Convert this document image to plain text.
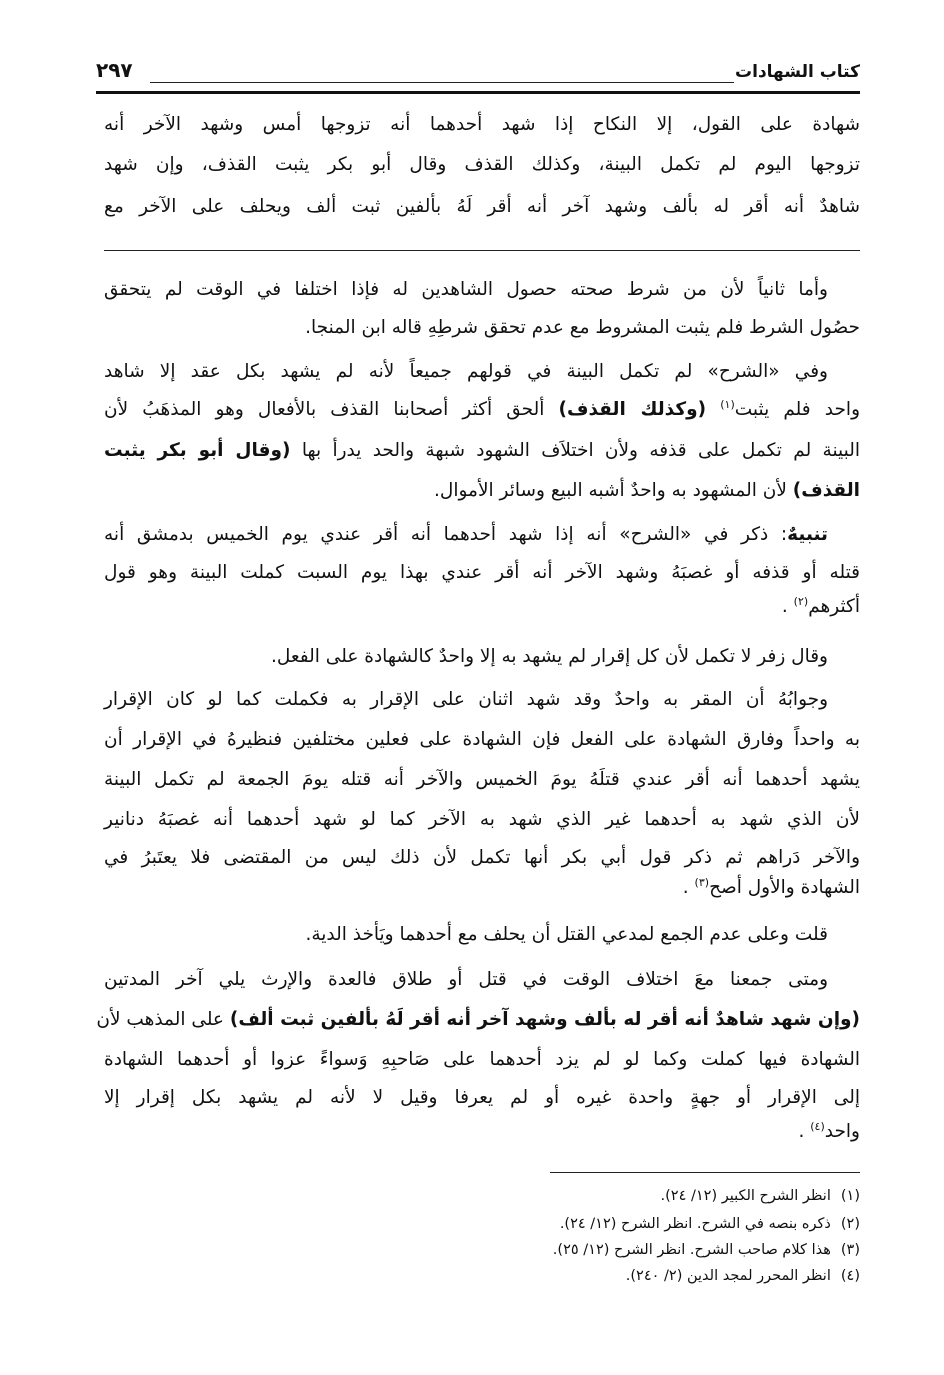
كتاب الشهادات
٢٩٧
شهادة على القول، إلا النكاح إذا شهد أحدهما أنه تزوجها أمس وشهد الآخر أنه
تزوجها اليوم لم تكمل البينة، وكذلك القذف وقال أبو بكر يثبت القذف، وإن شهد
شاهدٌ أنه أقر له بألف وشهد آخر أنه أقر لَهُ بألفين ثبت ألف ويحلف على الآخر مع
وأما ثانياً لأن من شرط صحته حصول الشاهدين له فإذا اختلفا في الوقت لم يتحقق
حصُول الشرط فلم يثبت المشروط مع عدم تحقق شرطِهِ قاله ابن المنجا.
وفي «الشرح» لم تكمل البينة في قولهم جميعاً لأنه لم يشهد بكل عقد إلا شاهد
واحد فلم يثبت$^{(١)}$ (وكذلك القذف) ألحق أكثر أصحابنا القذف بالأفعال وهو المذهَبُ لأن
البينة لم تكمل على قذفه ولأن اختلاَف الشهود شبهة والحد يدرأ بها (وقال أبو بكر يثبت
القذف) لأن المشهود به واحدٌ أشبه البيع وسائر الأموال.
تنبيهٌ: ذكر في «الشرح» أنه إذا شهد أحدهما أنه أقر عندي يوم الخميس بدمشق أنه
قتله أو قذفه أو غصبَهُ وشهد الآخر أنه أقر عندي بهذا يوم السبت كملت البينة وهو قول
أكثرهم$^{(٢)}$ .
وقال زفر لا تكمل لأن كل إقرار لم يشهد به إلا واحدٌ كالشهادة على الفعل.
وجوابُهُ أن المقر به واحدٌ وقد شهد اثنان على الإقرار به فكملت كما لو كان الإقرار
به واحداً وفارق الشهادة على الفعل فإن الشهادة على فعلين مختلفين فنظيرهُ في الإقرار أن
يشهد أحدهما أنه أقر عندي قتلَهُ يومَ الخميس والآخر أنه قتله يومَ الجمعة لم تكمل البينة
لأن الذي شهد به أحدهما غير الذي شهد به الآخر كما لو شهد أحدهما أنه غصبَهُ دنانير
والآخر دَراهم ثم ذكر قول أبي بكر أنها تكمل لأن ذلك ليس من المقتضى فلا يعتَبرُ في
الشهادة والأول أصح$^{(٣)}$ .
قلت وعلى عدم الجمع لمدعي القتل أن يحلف مع أحدهما ويَأخذ الدية.
ومتى جمعنا معَ اختلاف الوقت في قتل أو طلاق فالعدة والإرث يلي آخر المدتين
(وإن شهد شاهدٌ أنه أقر له بألف وشهد آخر أنه أقر لَهُ بألفين ثبت ألف) على المذهب لأن
الشهادة فيها كملت وكما لو لم يزد أحدهما على صَاحبِهِ وَسواءً عزوا أو أحدهما الشهادة
إلى الإقرار أو جهةٍ واحدة غيره أو لم يعرفا وقيل لا لأنه لم يشهد بكل إقرار إلا
واحد$^{(٤)}$ .
(١)انظر الشرح الكبير (١٢/ ٢٤).
(٢)ذكره بنصه في الشرح. انظر الشرح (١٢/ ٢٤).
(٣)هذا كلام صاحب الشرح. انظر الشرح (١٢/ ٢٥).
(٤)انظر المحرر لمجد الدين (٢/ ٢٤٠).
